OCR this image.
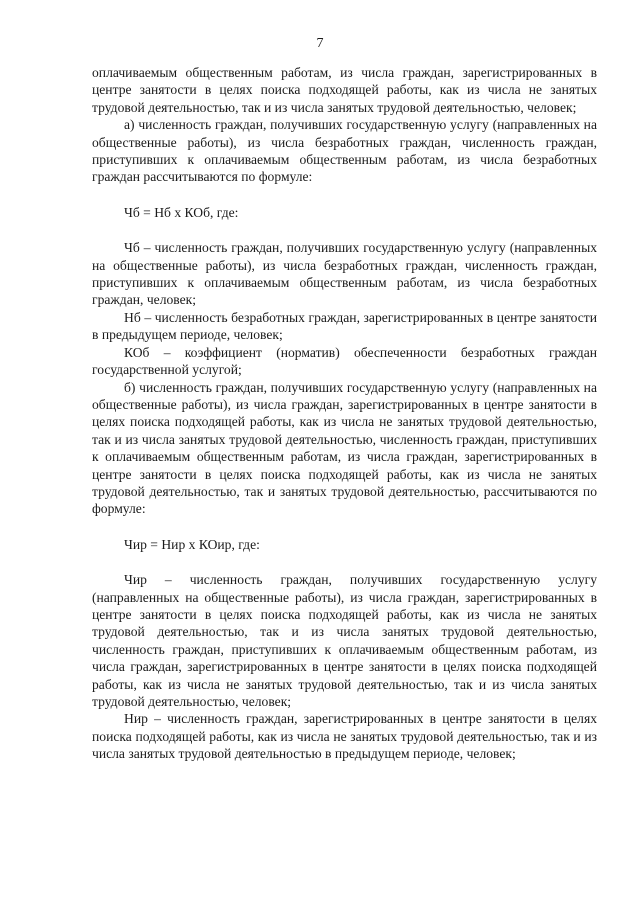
7

оплачиваемым общественным работам, из числа граждан, зарегистрированных в центре занятости в целях поиска подходящей работы, как из числа не занятых трудовой деятельностью, так и из числа занятых трудовой деятельностью, человек;

а) численность граждан, получивших государственную услугу (направленных на общественные работы), из числа безработных граждан, численность граждан, приступивших к оплачиваемым общественным работам, из числа безработных граждан рассчитываются по формуле:

Чб = Нб х КОб, где:

Чб – численность граждан, получивших государственную услугу (направленных на общественные работы), из числа безработных граждан, численность граждан, приступивших к оплачиваемым общественным работам, из числа безработных граждан, человек;

Нб – численность безработных граждан, зарегистрированных в центре занятости в предыдущем периоде, человек;

КОб – коэффициент (норматив) обеспеченности безработных граждан государственной услугой;

б) численность граждан, получивших государственную услугу (направленных на общественные работы), из числа граждан, зарегистрированных в центре занятости в целях поиска подходящей работы, как из числа не занятых трудовой деятельностью, так и из числа занятых трудовой деятельностью, численность граждан, приступивших к оплачиваемым общественным работам, из числа граждан, зарегистрированных в центре занятости в целях поиска подходящей работы, как из числа не занятых трудовой деятельностью, так и занятых трудовой деятельностью, рассчитываются по формуле:

Чир = Нир х КОир, где:

Чир – численность граждан, получивших государственную услугу (направленных на общественные работы), из числа граждан, зарегистрированных в центре занятости в целях поиска подходящей работы, как из числа не занятых трудовой деятельностью, так и из числа занятых трудовой деятельностью, численность граждан, приступивших к оплачиваемым общественным работам, из числа граждан, зарегистрированных в центре занятости в целях поиска подходящей работы, как из числа не занятых трудовой деятельностью, так и из числа занятых трудовой деятельностью, человек;

Нир – численность граждан, зарегистрированных в центре занятости в целях поиска подходящей работы, как из числа не занятых трудовой деятельностью, так и из числа занятых трудовой деятельностью в предыдущем периоде, человек;
